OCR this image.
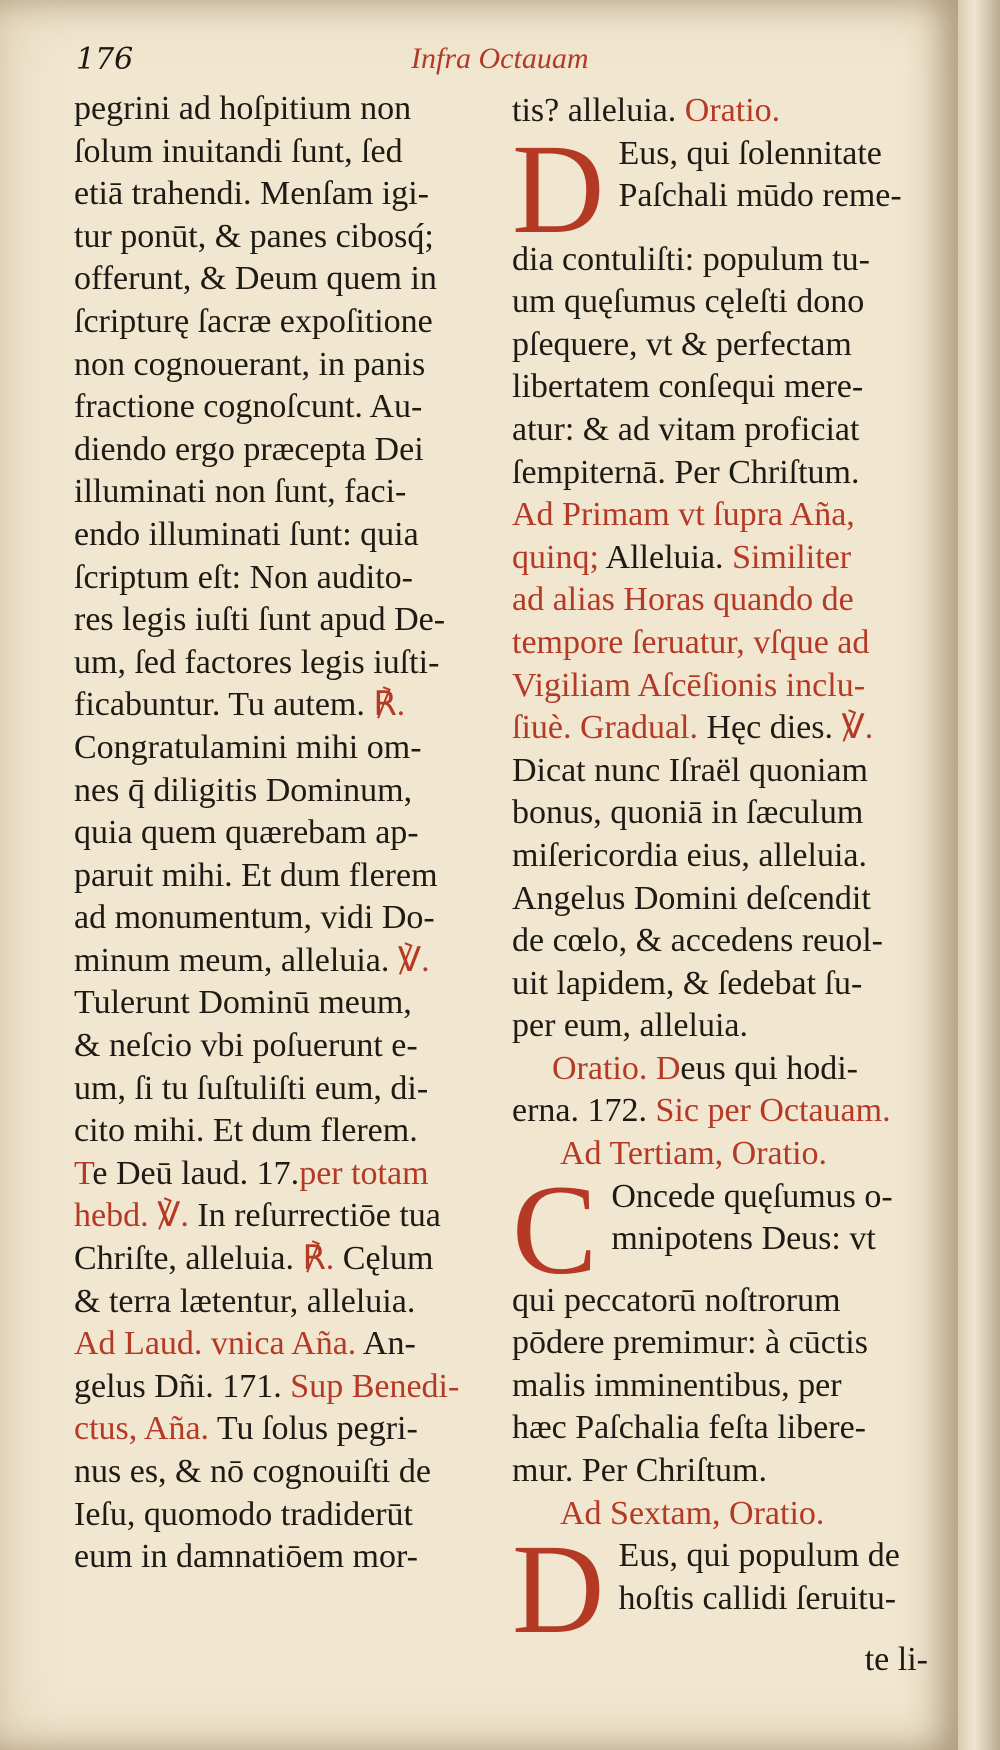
176	Infra Octauam
pegrini ad hoſpitium non
ſolum inuitandi ſunt, ſed
etiā trahendi. Menſam igi-
tur ponūt, & panes cibosq́;
offerunt, & Deum quem in
ſcripturę ſacræ expoſitione
non cognouerant, in panis
fractione cognoſcunt. Au-
diendo ergo præcepta Dei
illuminati non ſunt, faci-
endo illuminati ſunt: quia
ſcriptum eſt: Non audito-
res legis iuſti ſunt apud De-
um, ſed factores legis iuſti-
ficabuntur. Tu autem. ℟.
Congratulamini mihi om-
nes q̄ diligitis Dominum,
quia quem quærebam ap-
paruit mihi. Et dum flerem
ad monumentum, vidi Do-
minum meum, alleluia. ℣.
Tulerunt Dominū meum,
& neſcio vbi poſuerunt e-
um, ſi tu ſuſtuliſti eum, di-
cito mihi. Et dum flerem.
Te Deū laud. 17.per totam
hebd. ℣. In reſurrectiōe tua
Chriſte, alleluia. ℟. Cęlum
& terra lætentur, alleluia.
Ad Laud. vnica Aña. An-
gelus Dñi. 171. Sup Benedi-
ctus, Aña. Tu ſolus pegri-
nus es, & nō cognouiſti de
Ieſu, quomodo tradiderūt
eum in damnatiōem mor-
tis? alleluia. Oratio.
D Eus, qui ſolennitate
Paſchali mūdo reme-
dia contuliſti: populum tu-
um quęſumus cęleſti dono
pſequere, vt & perfectam
libertatem conſequi mere-
atur: & ad vitam proficiat
ſempiternā. Per Chriſtum.
Ad Primam vt ſupra Aña,
quinq; Alleluia. Similiter
ad alias Horas quando de
tempore ſeruatur, vſque ad
Vigiliam Aſcēſionis inclu-
ſiuè. Gradual. Hęc dies. ℣.
Dicat nunc Iſraël quoniam
bonus, quoniā in ſæculum
miſericordia eius, alleluia.
Angelus Domini deſcendit
de cœlo, & accedens reuol-
uit lapidem, & ſedebat ſu-
per eum, alleluia.
Oratio. Deus qui hodi-
erna. 172. Sic per Octauam.
Ad Tertiam, Oratio.
C Oncede quęſumus o-
mnipotens Deus: vt
qui peccatorū noſtrorum
pōdere premimur: à cūctis
malis imminentibus, per
hæc Paſchalia feſta libere-
mur. Per Chriſtum.
Ad Sextam, Oratio.
D Eus, qui populum de
hoſtis callidi ſeruitu-
te li-
